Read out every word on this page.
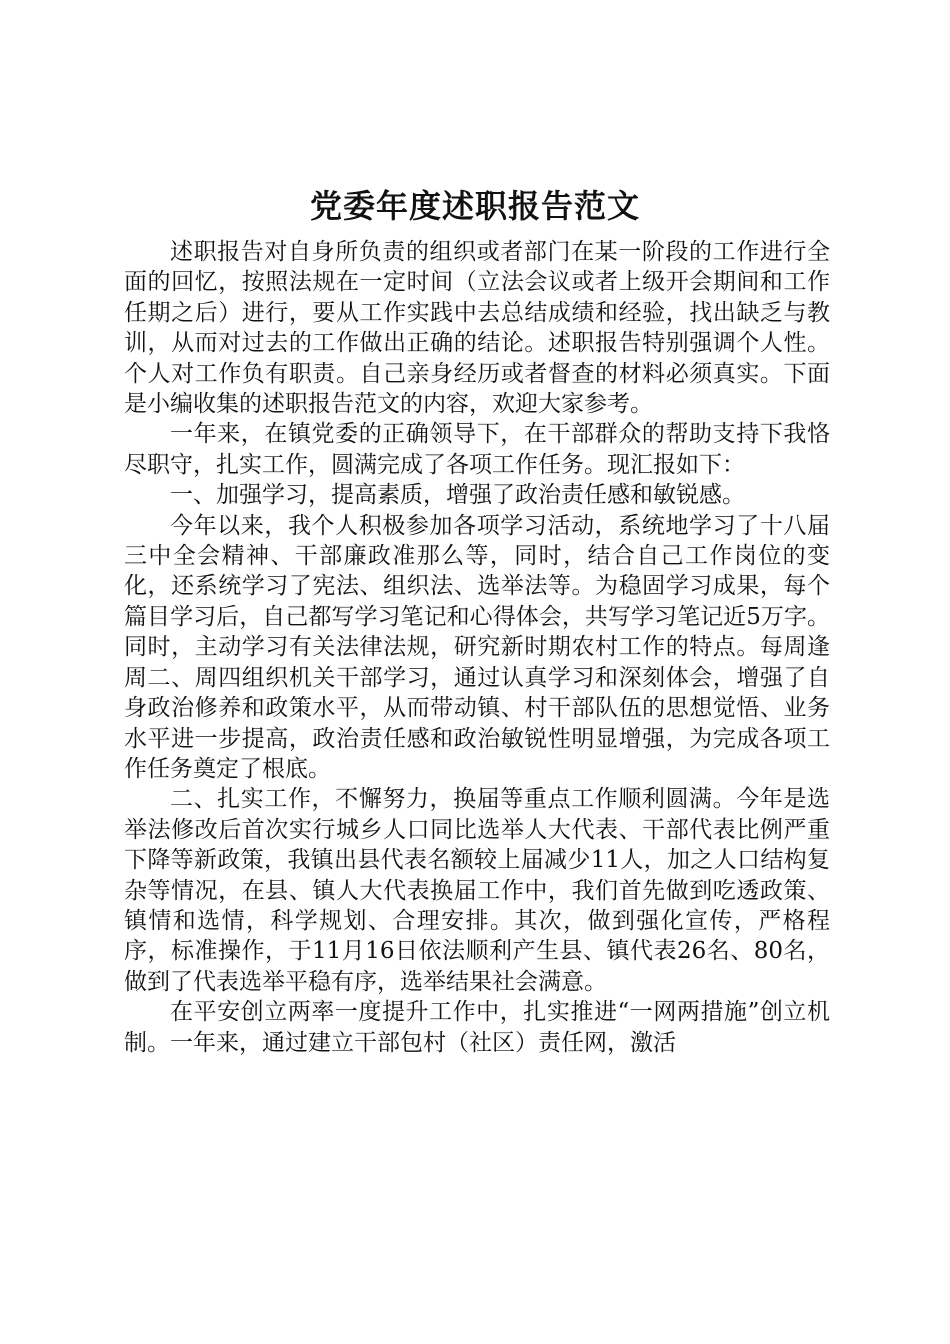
党委年度述职报告范文

述职报告对自身所负责的组织或者部门在某一阶段的工作进行全面的回忆，按照法规在一定时间（立法会议或者上级开会期间和工作任期之后）进行，要从工作实践中去总结成绩和经验，找出缺乏与教训，从而对过去的工作做出正确的结论。述职报告特别强调个人性。个人对工作负有职责。自己亲身经历或者督查的材料必须真实。下面是小编收集的述职报告范文的内容，欢迎大家参考。

一年来，在镇党委的正确领导下，在干部群众的帮助支持下我恪尽职守，扎实工作，圆满完成了各项工作任务。现汇报如下：

一、加强学习，提高素质，增强了政治责任感和敏锐感。

今年以来，我个人积极参加各项学习活动，系统地学习了十八届三中全会精神、干部廉政准那么等，同时，结合自己工作岗位的变化，还系统学习了宪法、组织法、选举法等。为稳固学习成果，每个篇目学习后，自己都写学习笔记和心得体会，共写学习笔记近5万字。同时，主动学习有关法律法规，研究新时期农村工作的特点。每周逢周二、周四组织机关干部学习，通过认真学习和深刻体会，增强了自身政治修养和政策水平，从而带动镇、村干部队伍的思想觉悟、业务水平进一步提高，政治责任感和政治敏锐性明显增强，为完成各项工作任务奠定了根底。

二、扎实工作，不懈努力，换届等重点工作顺利圆满。今年是选举法修改后首次实行城乡人口同比选举人大代表、干部代表比例严重下降等新政策，我镇出县代表名额较上届减少11人，加之人口结构复杂等情况，在县、镇人大代表换届工作中，我们首先做到吃透政策、镇情和选情，科学规划、合理安排。其次，做到强化宣传，严格程序，标准操作，于11月16日依法顺利产生县、镇代表26名、80名，做到了代表选举平稳有序，选举结果社会满意。

在平安创立两率一度提升工作中，扎实推进“一网两措施”创立机制。一年来，通过建立干部包村（社区）责任网，激活
